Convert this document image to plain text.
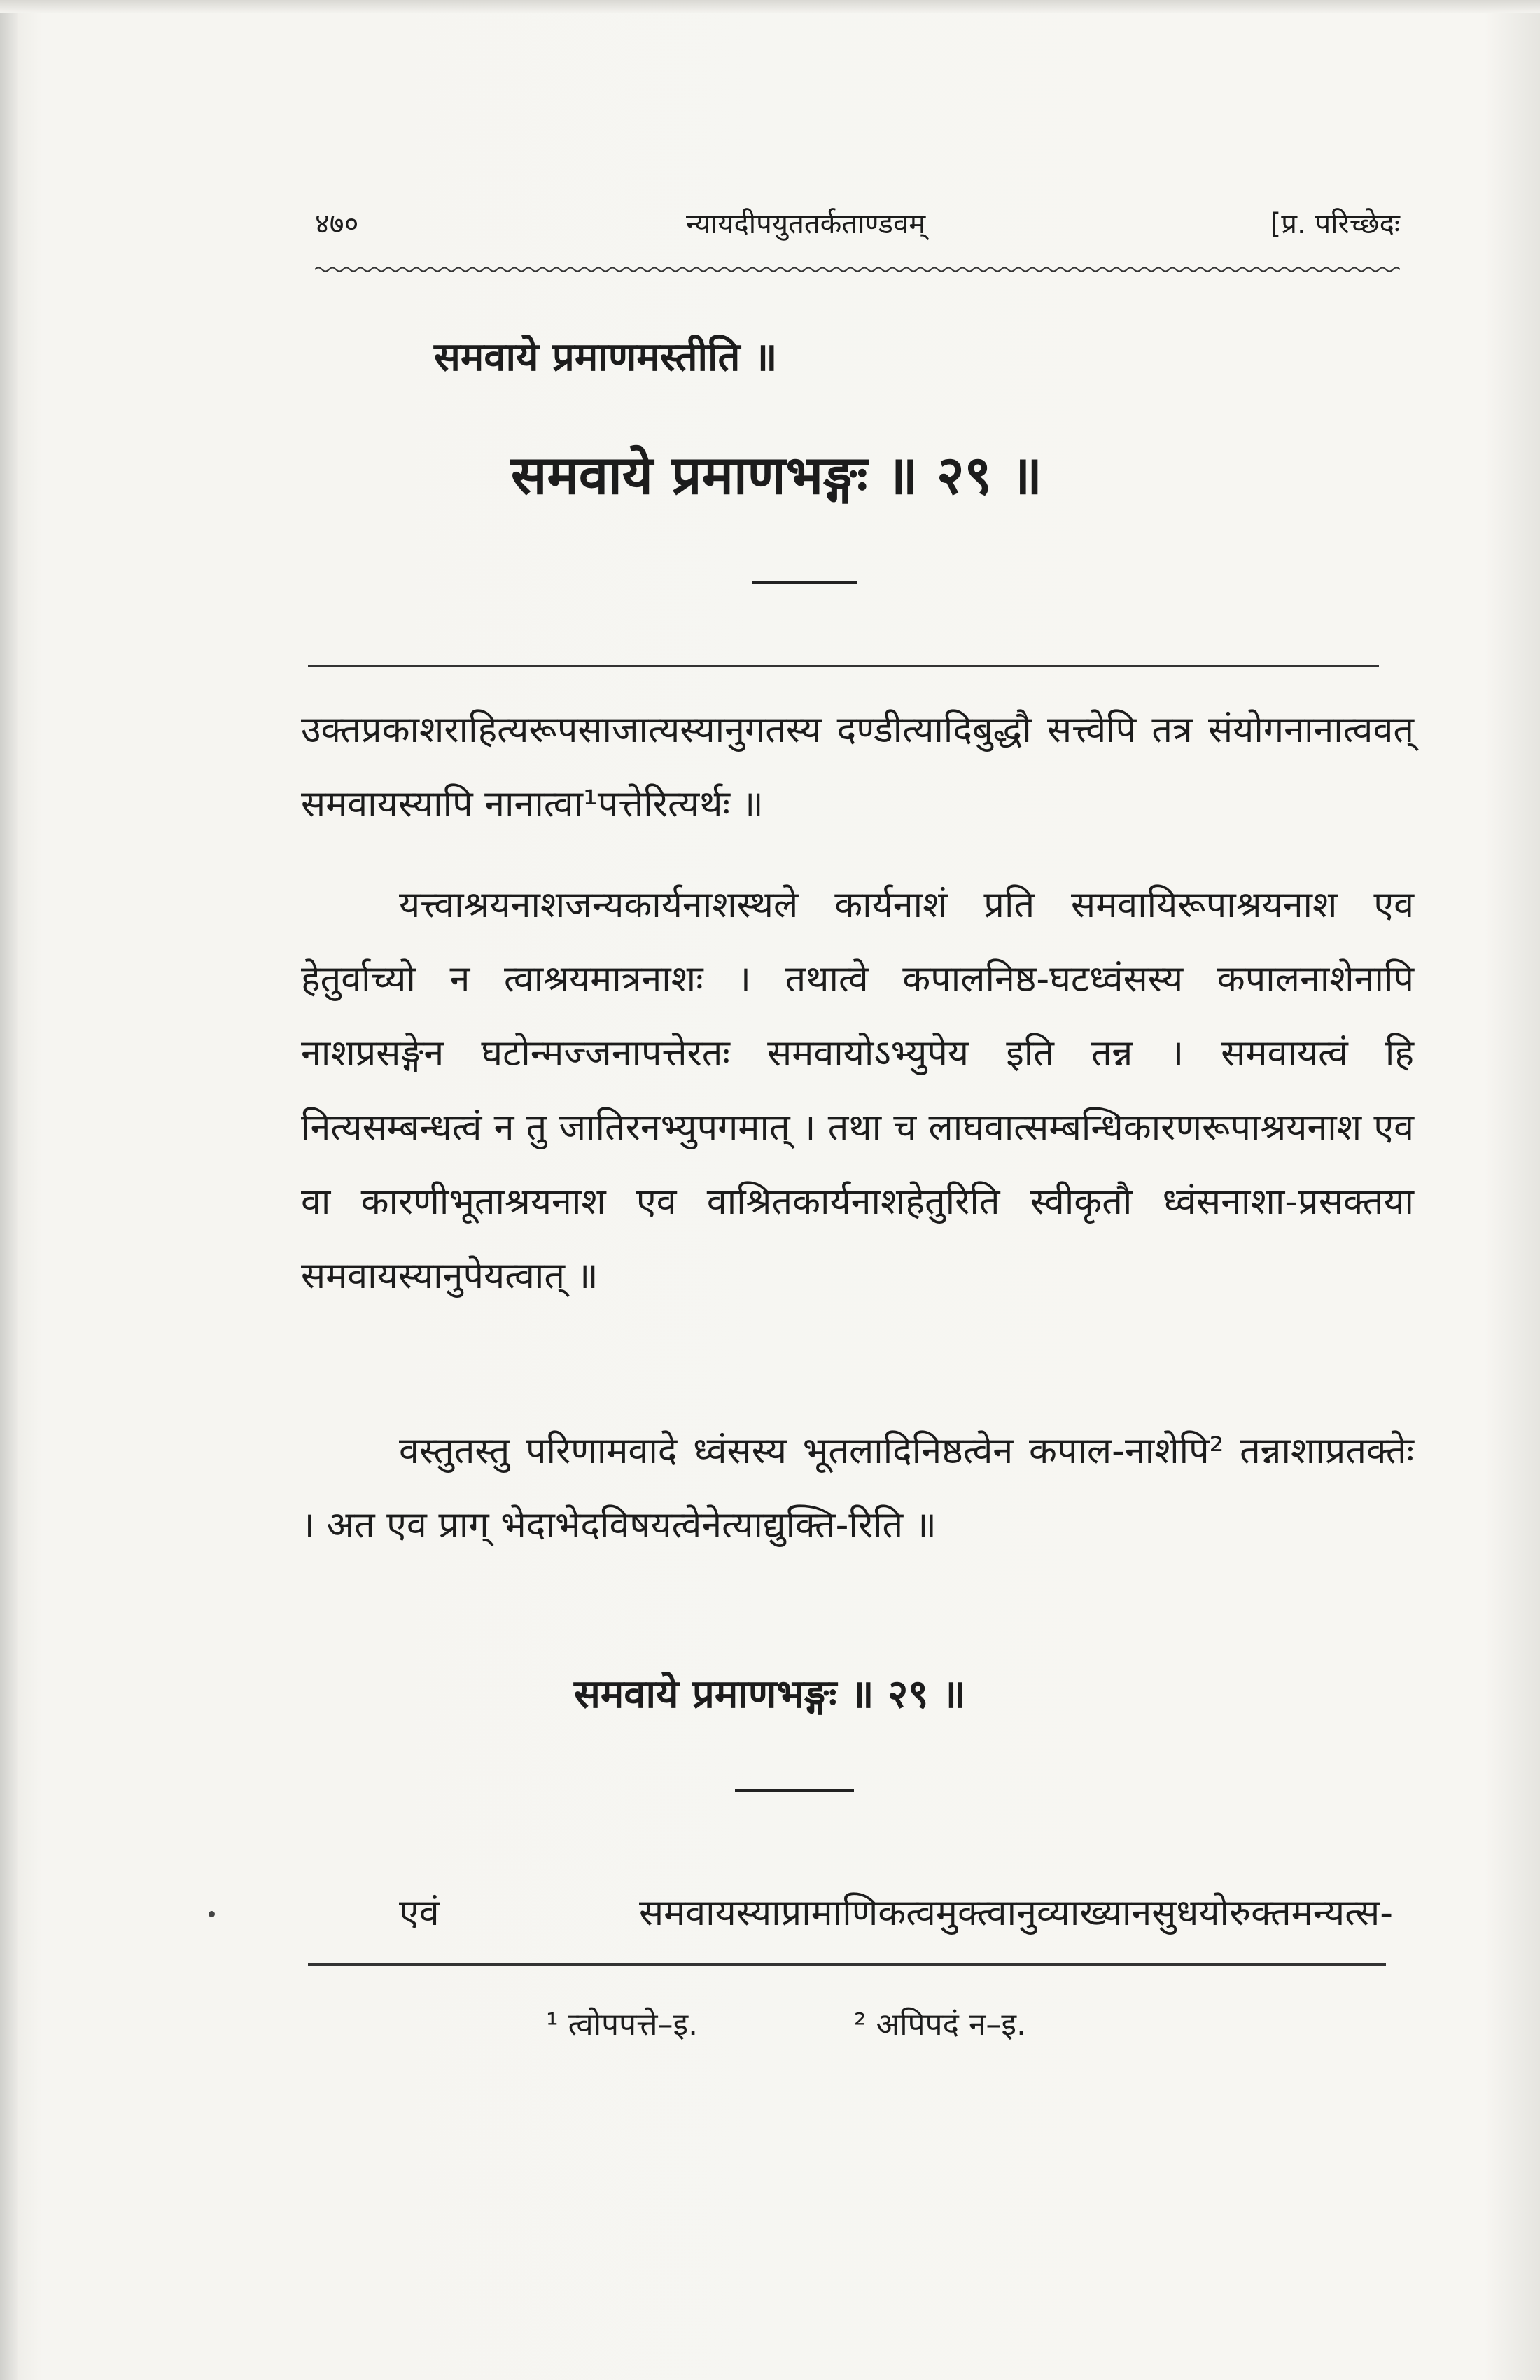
४७०	न्यायदीपयुततर्कताण्डवम्	[प्र. परिच्छेदः
समवाये प्रमाणमस्तीति ॥
समवाये प्रमाणभङ्गः ॥ २९ ॥

उक्तप्रकाशराहित्यरूपसाजात्यस्यानुगतस्य दण्डीत्यादिबुद्धौ सत्त्वेपि तत्र संयोगनानात्ववत् समवायस्यापि नानात्वा¹पत्तेरित्यर्थः ॥

यत्त्वाश्रयनाशजन्यकार्यनाशस्थले कार्यनाशं प्रति समवायिरूपाश्रयनाश एव हेतुर्वाच्यो न त्वाश्रयमात्रनाशः । तथात्वे कपालनिष्ठ-घटध्वंसस्य कपालनाशेनापि नाशप्रसङ्गेन घटोन्मज्जनापत्तेरतः समवायोऽभ्युपेय इति तन्न । समवायत्वं हि नित्यसम्बन्धत्वं न तु जातिरनभ्युपगमात् । तथा च लाघवात्सम्बन्धिकारणरूपाश्रयनाश एव वा कारणीभूताश्रयनाश एव वाश्रितकार्यनाशहेतुरिति स्वीकृतौ ध्वंसनाशा-प्रसक्तया समवायस्यानुपेयत्वात् ॥

वस्तुतस्तु परिणामवादे ध्वंसस्य भूतलादिनिष्ठत्वेन कपाल-नाशेपि² तन्नाशाप्रतक्तेः । अत एव प्राग् भेदाभेदविषयत्वेनेत्याद्युक्ति-रिति ॥

समवाये प्रमाणभङ्गः ॥ २९ ॥

एवं समवायस्याप्रामाणिकत्वमुक्त्वानुव्याख्यानसुधयोरुक्तमन्यत्स-

¹ त्वोपपत्ते–इ.	² अपिपदं न–इ.
